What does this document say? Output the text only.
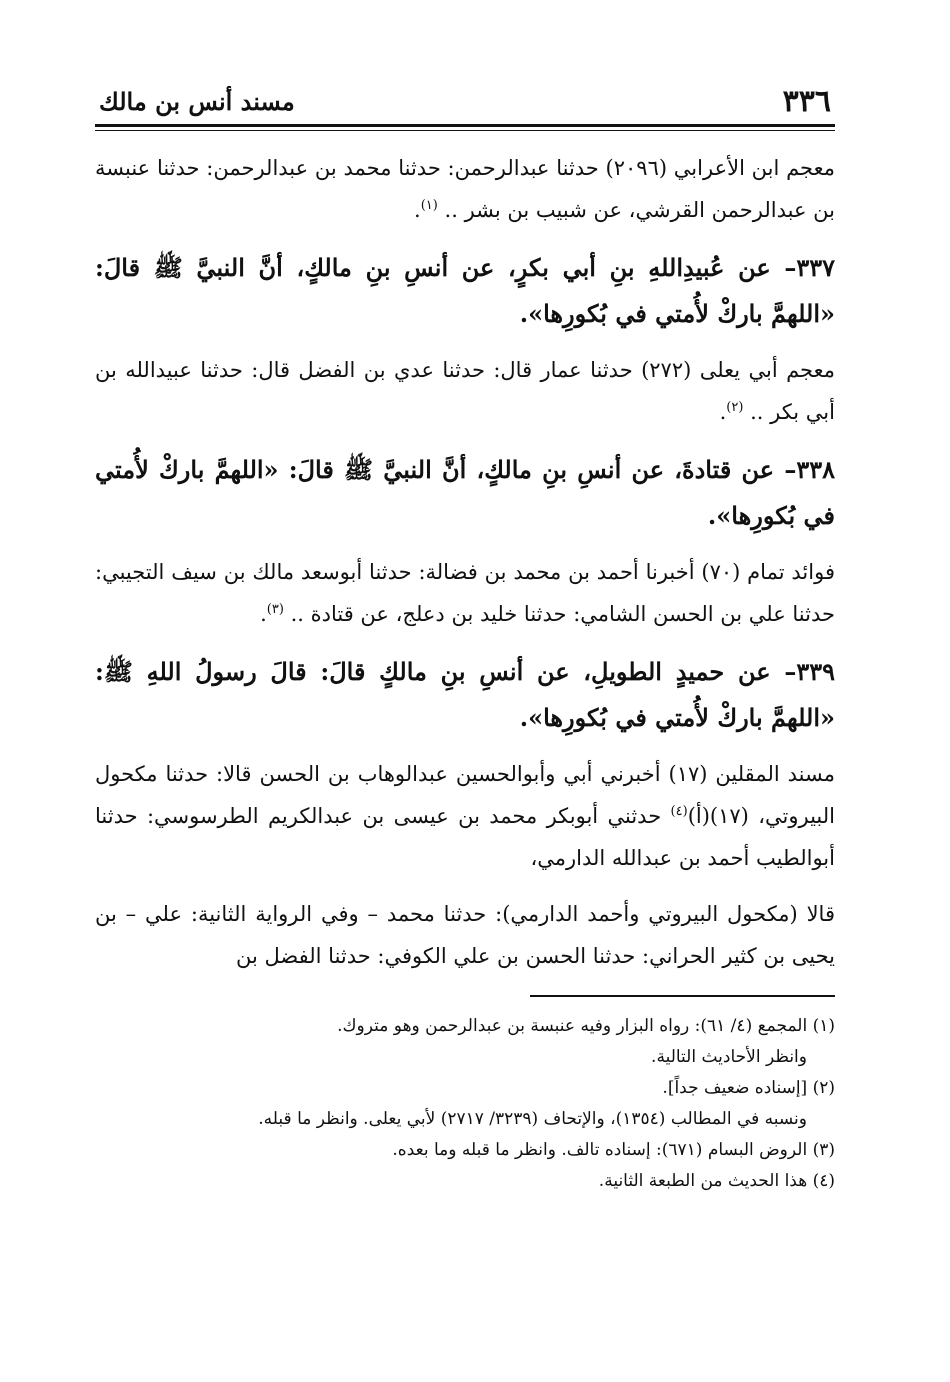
٣٣٦
مسند أنس بن مالك

معجم ابن الأعرابي (٢٠٩٦) حدثنا عبدالرحمن: حدثنا محمد بن عبدالرحمن: حدثنا عنبسة بن عبدالرحمن القرشي، عن شبيب بن بشر .. $^{(١)}$.

٣٣٧– عن عُبيدِاللهِ بنِ أبي بكرٍ، عن أنسِ بنِ مالكٍ، أنَّ النبيَّ ﷺ قالَ: «اللهمَّ باركْ لأُمتي في بُكورِها».

معجم أبي يعلى (٢٧٢) حدثنا عمار قال: حدثنا عدي بن الفضل قال: حدثنا عبيدالله بن أبي بكر .. $^{(٢)}$.

٣٣٨– عن قتادةَ، عن أنسِ بنِ مالكٍ، أنَّ النبيَّ ﷺ قالَ: «اللهمَّ باركْ لأُمتي في بُكورِها».

فوائد تمام (٧٠) أخبرنا أحمد بن محمد بن فضالة: حدثنا أبوسعد مالك بن سيف التجيبي: حدثنا علي بن الحسن الشامي: حدثنا خليد بن دعلج، عن قتادة .. $^{(٣)}$.

٣٣٩– عن حميدٍ الطويلِ، عن أنسِ بنِ مالكٍ قالَ: قالَ رسولُ اللهِ ﷺ: «اللهمَّ باركْ لأُمتي في بُكورِها».

مسند المقلين (١٧) أخبرني أبي وأبوالحسين عبدالوهاب بن الحسن قالا: حدثنا مكحول البيروتي، (١٧)(أ)$^{(٤)}$ حدثني أبوبكر محمد بن عيسى بن عبدالكريم الطرسوسي: حدثنا أبوالطيب أحمد بن عبدالله الدارمي،

قالا (مكحول البيروتي وأحمد الدارمي): حدثنا محمد – وفي الرواية الثانية: علي – بن يحيى بن كثير الحراني: حدثنا الحسن بن علي الكوفي: حدثنا الفضل بن

(١) المجمع (٤/ ٦١): رواه البزار وفيه عنبسة بن عبدالرحمن وهو متروك.

وانظر الأحاديث التالية.

(٢) [إسناده ضعيف جداً].

ونسبه في المطالب (١٣٥٤)، والإتحاف (٣٢٣٩/ ٢٧١٧) لأبي يعلى. وانظر ما قبله.

(٣) الروض البسام (٦٧١): إسناده تالف. وانظر ما قبله وما بعده.

(٤) هذا الحديث من الطبعة الثانية.
